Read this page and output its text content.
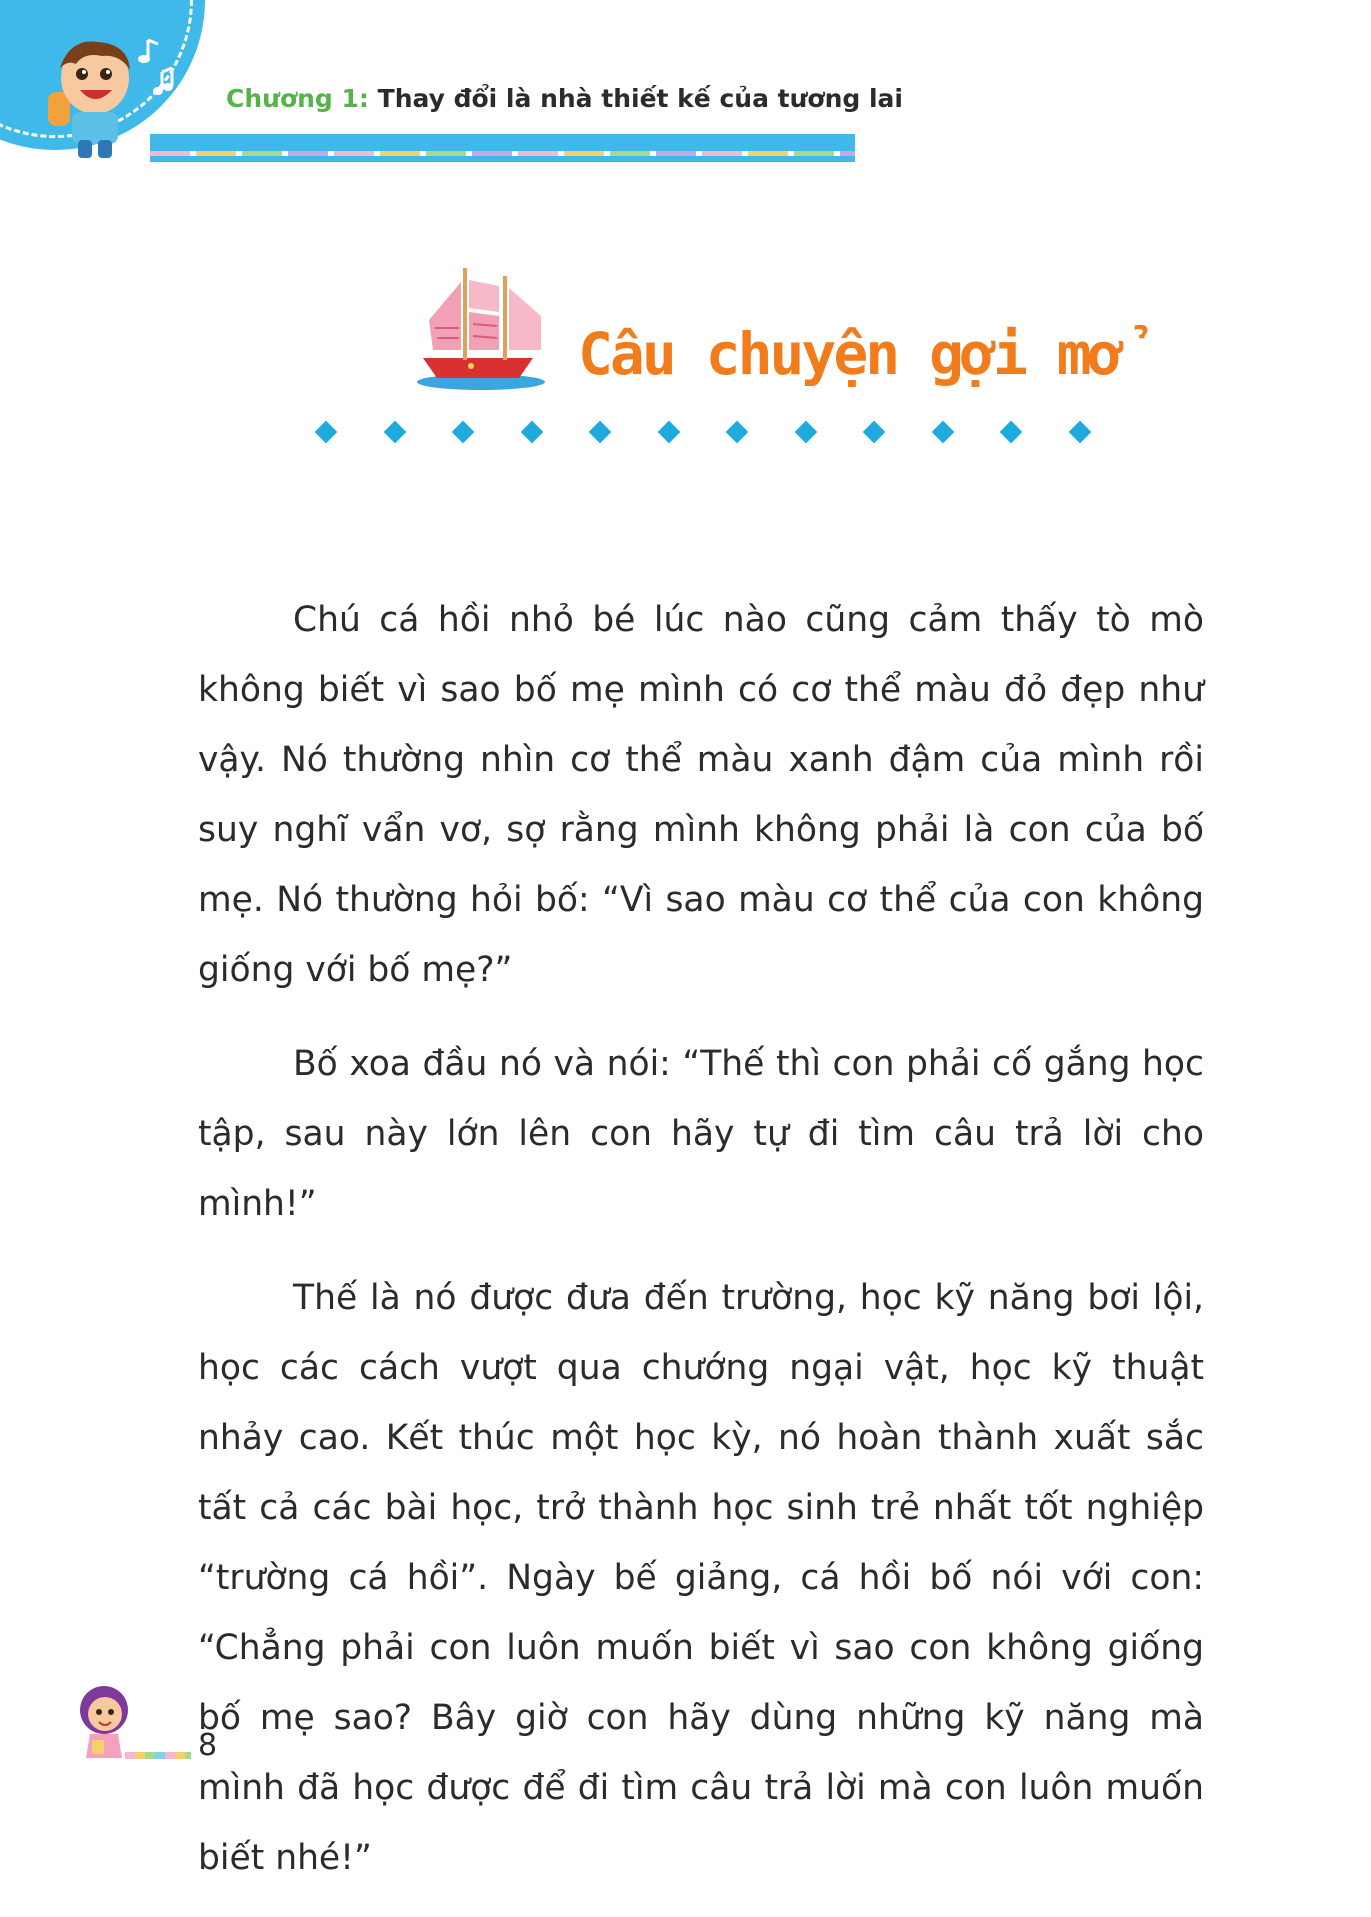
Chương 1: Thay đổi là nhà thiết kế của tương lai
Câu chuyện gợi mở

Chú cá hồi nhỏ bé lúc nào cũng cảm thấy tò mò không biết vì sao bố mẹ mình có cơ thể màu đỏ đẹp như vậy. Nó thường nhìn cơ thể màu xanh đậm của mình rồi suy nghĩ vẩn vơ, sợ rằng mình không phải là con của bố mẹ. Nó thường hỏi bố: “Vì sao màu cơ thể của con không giống với bố mẹ?”

Bố xoa đầu nó và nói: “Thế thì con phải cố gắng học tập, sau này lớn lên con hãy tự đi tìm câu trả lời cho mình!”

Thế là nó được đưa đến trường, học kỹ năng bơi lội, học các cách vượt qua chướng ngại vật, học kỹ thuật nhảy cao. Kết thúc một học kỳ, nó hoàn thành xuất sắc tất cả các bài học, trở thành học sinh trẻ nhất tốt nghiệp “trường cá hồi”. Ngày bế giảng, cá hồi bố nói với con: “Chẳng phải con luôn muốn biết vì sao con không giống bố mẹ sao? Bây giờ con hãy dùng những kỹ năng mà mình đã học được để đi tìm câu trả lời mà con luôn muốn biết nhé!”

8
